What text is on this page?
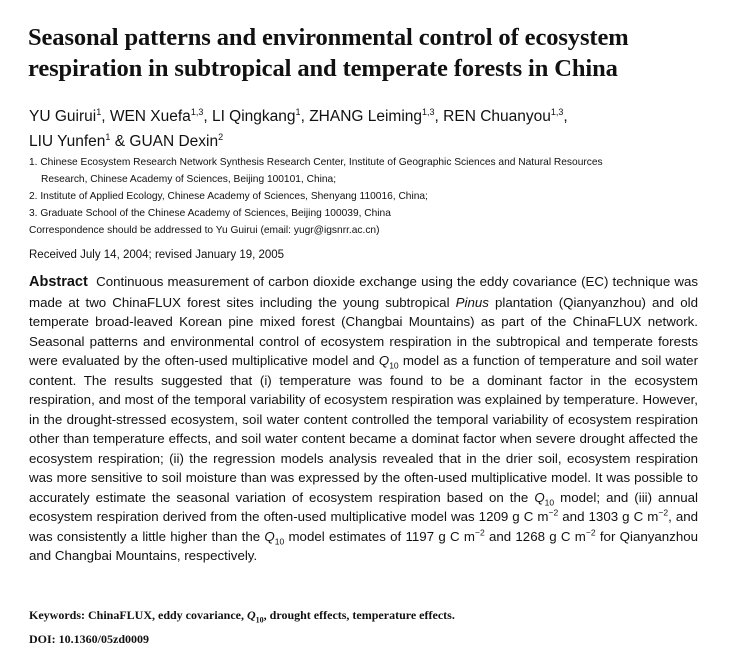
Seasonal patterns and environmental control of ecosystem respiration in subtropical and temperate forests in China
YU Guirui$^1$, WEN Xuefa$^{1,3}$, LI Qingkang$^1$, ZHANG Leiming$^{1,3}$, REN Chuanyou$^{1,3}$,
LIU Yunfen$^1$ & GUAN Dexin$^2$
1. Chinese Ecosystem Research Network Synthesis Research Center, Institute of Geographic Sciences and Natural Resources
Research, Chinese Academy of Sciences, Beijing 100101, China;
2. Institute of Applied Ecology, Chinese Academy of Sciences, Shenyang 110016, China;
3. Graduate School of the Chinese Academy of Sciences, Beijing 100039, China
Correspondence should be addressed to Yu Guirui (email: yugr@igsnrr.ac.cn)
Received July 14, 2004; revised January 19, 2005

Abstract Continuous measurement of carbon dioxide exchange using the eddy covariance (EC) technique was made at two ChinaFLUX forest sites including the young subtropical Pinus plantation (Qianyanzhou) and old temperate broad-leaved Korean pine mixed forest (Changbai Mountains) as part of the ChinaFLUX network. Seasonal patterns and environmental control of ecosystem respiration in the subtropical and temperate forests were evaluated by the often-used multiplicative model and $Q_{10}$ model as a function of temperature and soil water content. The results suggested that (i) temperature was found to be a dominant factor in the ecosystem respiration, and most of the temporal variability of ecosystem respiration was explained by temperature. However, in the drought-stressed ecosystem, soil water content controlled the temporal variability of ecosystem respiration other than temperature effects, and soil water content became a dominat factor when severe drought affected the ecosystem respiration; (ii) the regression models analysis revealed that in the drier soil, ecosystem respiration was more sensitive to soil moisture than was expressed by the often-used multiplicative model. It was possible to accurately estimate the seasonal variation of ecosystem respiration based on the $Q_{10}$ model; and (iii) annual ecosystem respiration derived from the often-used multiplicative model was 1209 g C $m^{-2}$ and 1303 g C $m^{-2}$, and was consistently a little higher than the $Q_{10}$ model estimates of 1197 g C $m^{-2}$ and 1268 g C $m^{-2}$ for Qianyanzhou and Changbai Mountains, respectively.

Keywords: ChinaFLUX, eddy covariance, $Q_{10}$, drought effects, temperature effects.
DOI: 10.1360/05zd0009
